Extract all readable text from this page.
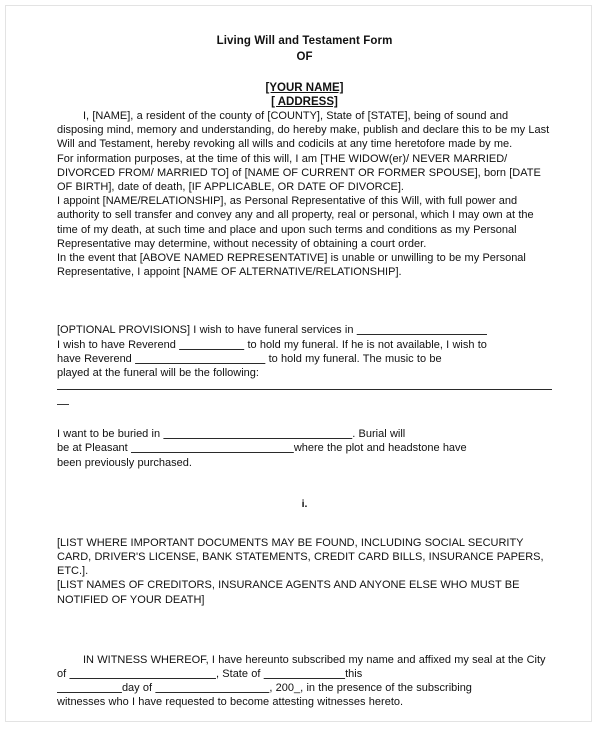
Living Will and Testament Form
OF
[YOUR NAME]
[ ADDRESS]

I, [NAME], a resident of the county of [COUNTY], State of [STATE], being of sound and disposing mind, memory and understanding, do hereby make, publish and declare this to be my Last Will and Testament, hereby revoking all wills and codicils at any time heretofore made by me.

For information purposes, at the time of this will, I am [THE WIDOW(er)/ NEVER MARRIED/ DIVORCED FROM/ MARRIED TO] of [NAME OF CURRENT OR FORMER SPOUSE], born [DATE OF BIRTH], date of death, [IF APPLICABLE, OR DATE OF DIVORCE].

I appoint [NAME/RELATIONSHIP], as Personal Representative of this Will, with full power and authority to sell transfer and convey any and all property, real or personal, which I may own at the time of my death, at such time and place and upon such terms and conditions as my Personal Representative may determine, without necessity of obtaining a court order.

In the event that [ABOVE NAMED REPRESENTATIVE] is unable or unwilling to be my Personal Representative, I appoint [NAME OF ALTERNATIVE/RELATIONSHIP].

[OPTIONAL PROVISIONS] I wish to have funeral services in

I wish to have Reverend	to hold my funeral. If he is not available, I wish to

have Reverend	to hold my funeral. The music to be

played at the funeral will be the following:

I want to be buried in	. Burial will

be at Pleasant	where the plot and headstone have

been previously purchased.

i.

[LIST WHERE IMPORTANT DOCUMENTS MAY BE FOUND, INCLUDING SOCIAL SECURITY CARD, DRIVER'S LICENSE, BANK STATEMENTS, CREDIT CARD BILLS, INSURANCE PAPERS, ETC.].

[LIST NAMES OF CREDITORS, INSURANCE AGENTS AND ANYONE ELSE WHO MUST BE NOTIFIED OF YOUR DEATH]

IN WITNESS WHEREOF, I have hereunto subscribed my name and affixed my seal at the City

of	, State of	this

day of	, 200_, in the presence of the subscribing

witnesses who I have requested to become attesting witnesses hereto.
